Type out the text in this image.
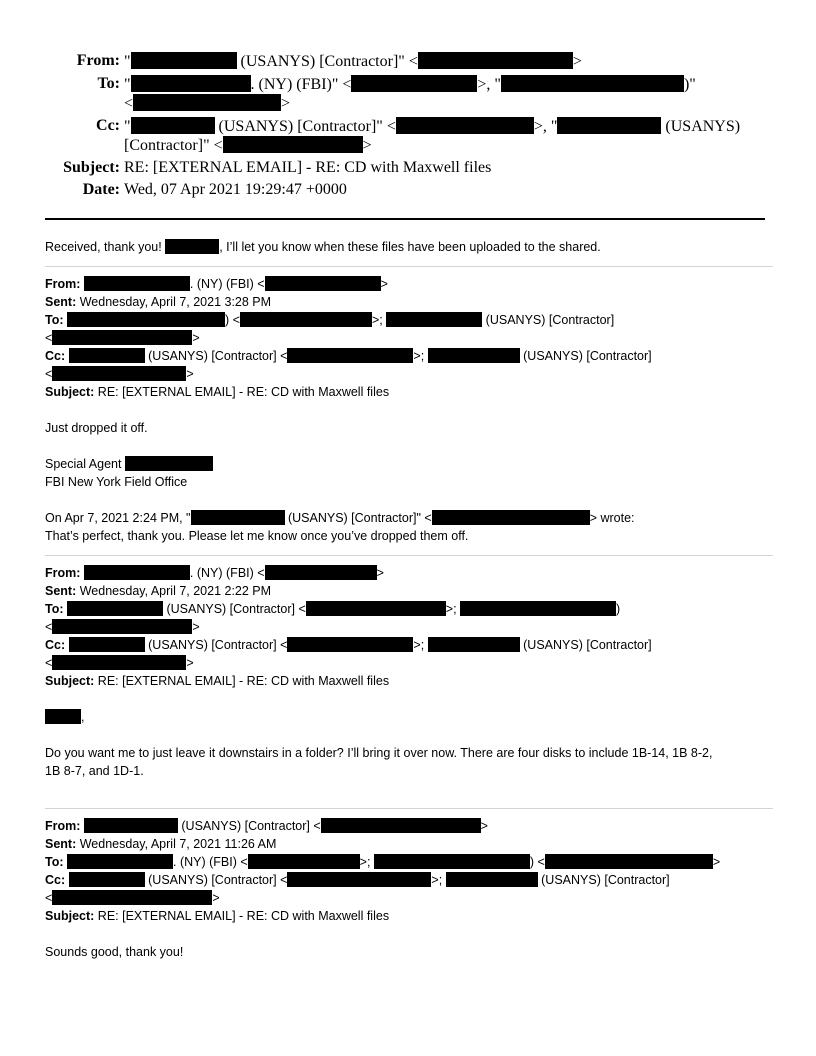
From: "	(USANYS) [Contractor]" <	>
To: "	. (NY) (FBI)" <	>, "	)"
<	>
Cc: "	(USANYS) [Contractor]" <	>, "	(USANYS)
[Contractor]" <	>
Subject: RE: [EXTERNAL EMAIL] - RE: CD with Maxwell files
Date: Wed, 07 Apr 2021 19:29:47 +0000
Received, thank you!	, I’ll let you know when these files have been uploaded to the shared.
From:	. (NY) (FBI) <	>
Sent: Wednesday, April 7, 2021 3:28 PM
To:	) <	>;	(USANYS) [Contractor]
<	>
Cc:	(USANYS) [Contractor] <	>;	(USANYS) [Contractor]
<	>
Subject: RE: [EXTERNAL EMAIL] - RE: CD with Maxwell files
Just dropped it off.
Special Agent
FBI New York Field Office
On Apr 7, 2021 2:24 PM, "	(USANYS) [Contractor]" <	> wrote:
That’s perfect, thank you. Please let me know once you’ve dropped them off.
From:	. (NY) (FBI) <	>
Sent: Wednesday, April 7, 2021 2:22 PM
To:	(USANYS) [Contractor] <	>;	)
<	>
Cc:	(USANYS) [Contractor] <	>;	(USANYS) [Contractor]
<	>
Subject: RE: [EXTERNAL EMAIL] - RE: CD with Maxwell files
,
Do you want me to just leave it downstairs in a folder? I’ll bring it over now. There are four disks to include 1B-14, 1B 8-2,
1B 8-7, and 1D-1.
From:	(USANYS) [Contractor] <	>
Sent: Wednesday, April 7, 2021 11:26 AM
To:	. (NY) (FBI) <	>;	) <	>
Cc:	(USANYS) [Contractor] <	>;	(USANYS) [Contractor]
<	>
Subject: RE: [EXTERNAL EMAIL] - RE: CD with Maxwell files
Sounds good, thank you!
